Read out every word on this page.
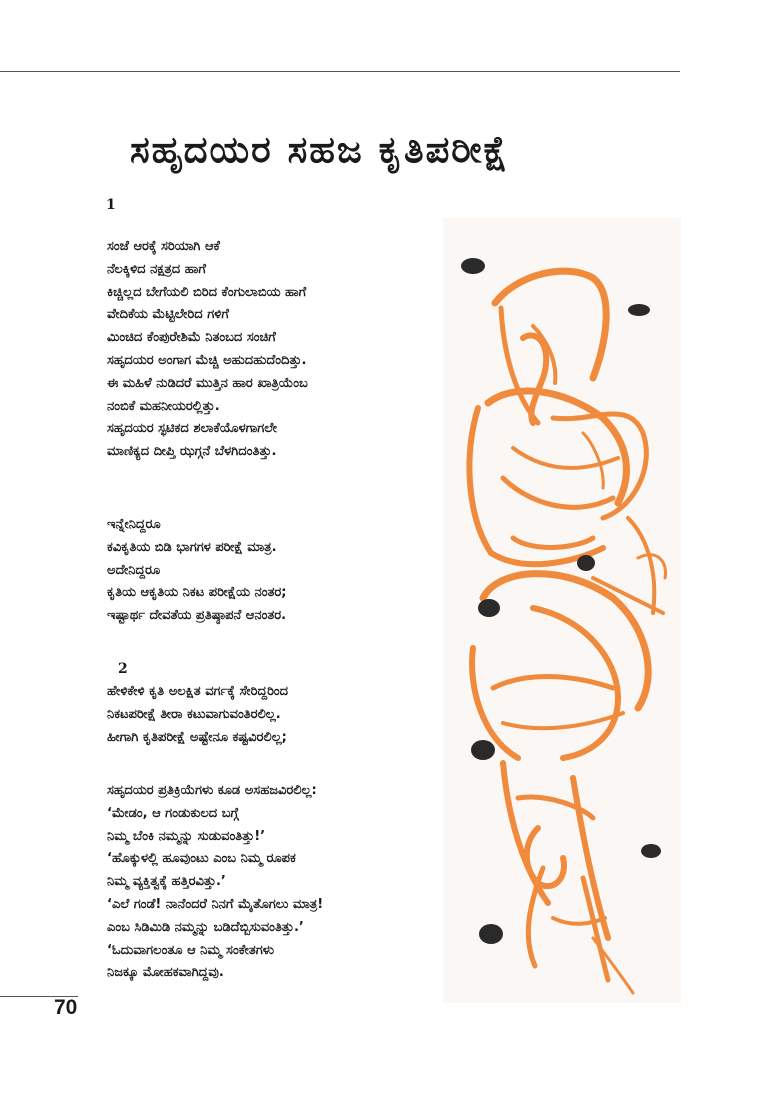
ಸಹೃದಯರ ಸಹಜ ಕೃತಿಪರೀಕ್ಷೆ
1
ಸಂಜೆ ಆರಕ್ಕೆ ಸರಿಯಾಗಿ ಆಕೆ
ನೆಲಕ್ಕಿಳಿದ ನಕ್ಷತ್ರದ ಹಾಗೆ
ಕಿಚ್ಚಿಲ್ಲದ ಬೇಗೆಯಲಿ ಬಿರಿದ ಕೆಂಗುಲಾಬಿಯ ಹಾಗೆ
ವೇದಿಕೆಯ ಮೆಟ್ಟಿಲೇರಿದ ಗಳಿಗೆ
ಮಿಂಚಿದ ಕೆಂಪುರೇಶಿಮೆ ನಿತಂಬದ ಸಂಚಿಗೆ
ಸಹೃದಯರ ಅಂಗಾಗ ಮೆಚ್ಚಿ ಅಹುದಹುದೆಂದಿತ್ತು.
ಈ ಮಹಿಳೆ ನುಡಿದರೆ ಮುತ್ತಿನ ಹಾರ ಖಾತ್ರಿಯೆಂಬ
ನಂಬಿಕೆ ಮಹನೀಯರಲ್ಲಿತ್ತು.
ಸಹೃದಯರ ಸ್ಫಟಿಕದ ಶಲಾಕೆಯೊಳಗಾಗಲೇ
ಮಾಣಿಕ್ಯದ ದೀಪ್ತಿ ಝಗ್ಗನೆ ಬೆಳಗಿದಂತಿತ್ತು.
ಇನ್ನೇನಿದ್ದರೂ
ಕವಿಕೃತಿಯ ಬಿಡಿ ಭಾಗಗಳ ಪರೀಕ್ಷೆ ಮಾತ್ರ.
ಅದೇನಿದ್ದರೂ
ಕೃತಿಯ ಆಕೃತಿಯ ನಿಕಟ ಪರೀಕ್ಷೆಯ ನಂತರ;
ಇಷ್ಟಾರ್ಥ ದೇವತೆಯ ಪ್ರತಿಷ್ಠಾಪನೆ ಆನಂತರ.
2
ಹೇಳಿಕೇಳಿ ಕೃತಿ ಅಲಕ್ಷಿತ ವರ್ಗಕ್ಕೆ ಸೇರಿದ್ದರಿಂದ
ನಿಕಟಪರೀಕ್ಷೆ ತೀರಾ ಕಟುವಾಗುವಂತಿರಲಿಲ್ಲ.
ಹೀಗಾಗಿ ಕೃತಿಪರೀಕ್ಷೆ ಅಷ್ಟೇನೂ ಕಷ್ಟವಿರಲಿಲ್ಲ;
ಸಹೃದಯರ ಪ್ರತಿಕ್ರಿಯೆಗಳು ಕೂಡ ಅಸಹಜವಿರಲಿಲ್ಲ:
‘ಮೇಡಂ, ಆ ಗಂಡುಕುಲದ ಬಗ್ಗೆ
ನಿಮ್ಮ ಬೆಂಕಿ ನಮ್ಮನ್ನು ಸುಡುವಂತಿತ್ತು!’
‘ಹೊಕ್ಕುಳಲ್ಲಿ ಹೂವುಂಟು ಎಂಬ ನಿಮ್ಮ ರೂಪಕ
ನಿಮ್ಮ ವ್ಯಕ್ತಿತ್ವಕ್ಕೆ ಹತ್ತಿರವಿತ್ತು.’
‘ಎಲೆ ಗಂಡೆ! ನಾನೆಂದರೆ ನಿನಗೆ ಮೈತೊಗಲು ಮಾತ್ರ!
ಎಂಬ ಸಿಡಿಮಿಡಿ ನಮ್ಮನ್ನು ಬಡಿದೆಬ್ಬಿಸುವಂತಿತ್ತು.’
‘ಓದುವಾಗಲಂತೂ ಆ ನಿಮ್ಮ ಸಂಕೇತಗಳು
ನಿಜಕ್ಕೂ ಮೋಹಕವಾಗಿದ್ದವು.
70
